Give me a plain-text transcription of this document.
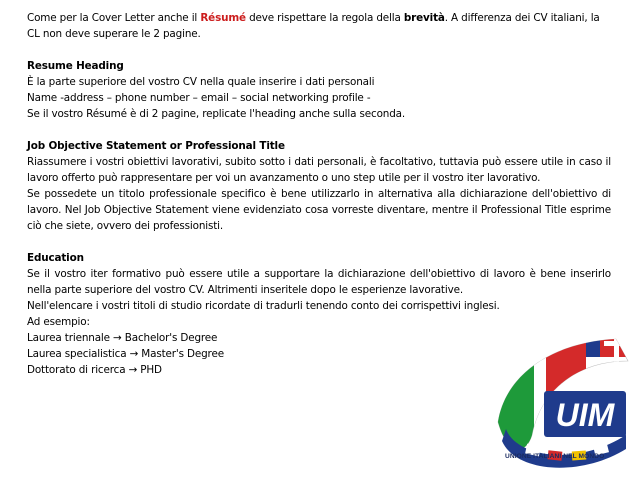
Come per la Cover Letter anche il Résumé deve rispettare la regola della brevità. A differenza dei CV italiani, la CL non deve superare le 2 pagine.

Resume Heading

È la parte superiore del vostro CV nella quale inserire i dati personali

Name -address – phone number – email – social networking profile -

Se il vostro Résumé è di 2 pagine, replicate l'heading anche sulla seconda.

Job Objective Statement or Professional Title

Riassumere i vostri obiettivi lavorativi, subito sotto i dati personali, è facoltativo, tuttavia può essere utile in caso il lavoro offerto può rappresentare per voi un avanzamento o uno step utile per il vostro iter lavorativo.

Se possedete un titolo professionale specifico è bene utilizzarlo in alternativa alla dichiarazione dell'obiettivo di lavoro. Nel Job Objective Statement viene evidenziato cosa vorreste diventare, mentre il Professional Title esprime ciò che siete, ovvero dei professionisti.

Education

Se il vostro iter formativo può essere utile a supportare la dichiarazione dell'obiettivo di lavoro è bene inserirlo nella parte superiore del vostro CV. Altrimenti inseritele dopo le esperienze lavorative.

Nell'elencare i vostri titoli di studio ricordate di tradurli tenendo conto dei corrispettivi inglesi.

Ad esempio:

Laurea triennale → Bachelor's Degree

Laurea specialistica → Master's Degree

Dottorato di ricerca → PHD

UIM
UNIONE ITALIANI NEL MONDO
